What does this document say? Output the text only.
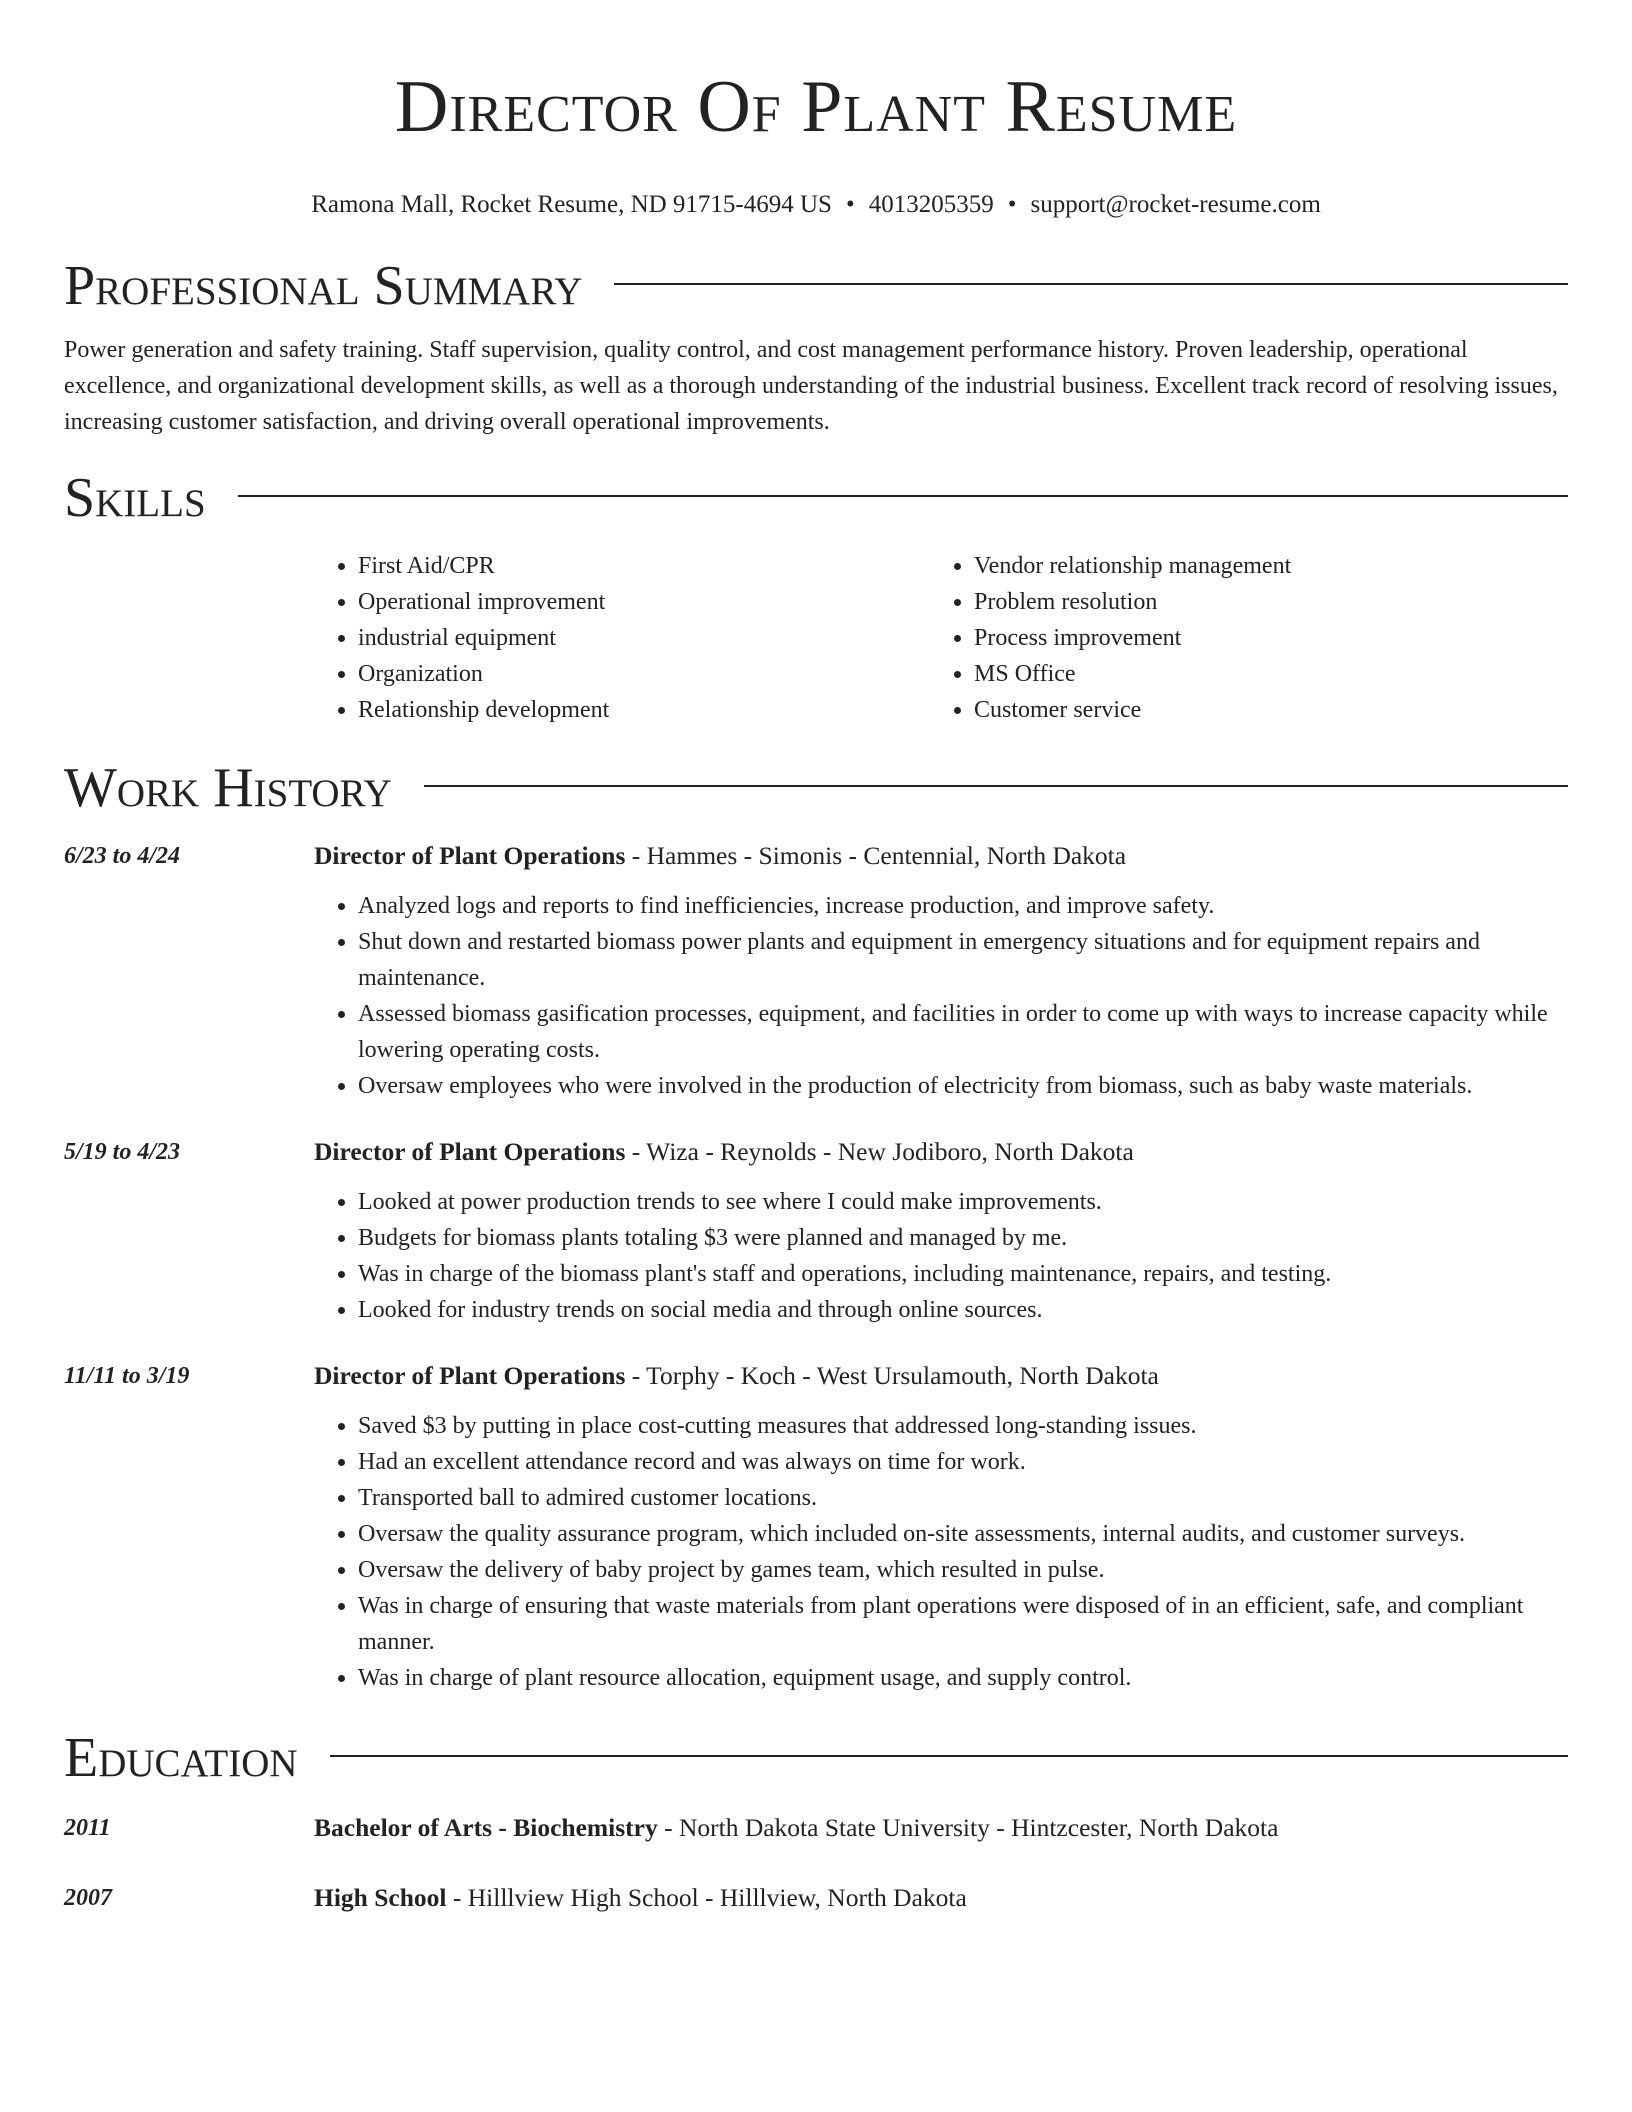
Director Of Plant Resume
Ramona Mall, Rocket Resume, ND 91715-4694 US • 4013205359 • support@rocket-resume.com
Professional Summary

Power generation and safety training. Staff supervision, quality control, and cost management performance history. Proven leadership, operational excellence, and organizational development skills, as well as a thorough understanding of the industrial business. Excellent track record of resolving issues, increasing customer satisfaction, and driving overall operational improvements.

Skills
• First Aid/CPR
• Operational improvement
• industrial equipment
• Organization
• Relationship development
• Vendor relationship management
• Problem resolution
• Process improvement
• MS Office
• Customer service
Work History
6/23 to 4/24	Director of Plant Operations - Hammes - Simonis - Centennial, North Dakota
• Analyzed logs and reports to find inefficiencies, increase production, and improve safety.
• Shut down and restarted biomass power plants and equipment in emergency situations and for equipment repairs and maintenance.
• Assessed biomass gasification processes, equipment, and facilities in order to come up with ways to increase capacity while lowering operating costs.
• Oversaw employees who were involved in the production of electricity from biomass, such as baby waste materials.
5/19 to 4/23	Director of Plant Operations - Wiza - Reynolds - New Jodiboro, North Dakota
• Looked at power production trends to see where I could make improvements.
• Budgets for biomass plants totaling $3 were planned and managed by me.
• Was in charge of the biomass plant's staff and operations, including maintenance, repairs, and testing.
• Looked for industry trends on social media and through online sources.
11/11 to 3/19	Director of Plant Operations - Torphy - Koch - West Ursulamouth, North Dakota
• Saved $3 by putting in place cost-cutting measures that addressed long-standing issues.
• Had an excellent attendance record and was always on time for work.
• Transported ball to admired customer locations.
• Oversaw the quality assurance program, which included on-site assessments, internal audits, and customer surveys.
• Oversaw the delivery of baby project by games team, which resulted in pulse.
• Was in charge of ensuring that waste materials from plant operations were disposed of in an efficient, safe, and compliant manner.
• Was in charge of plant resource allocation, equipment usage, and supply control.
Education
2011	Bachelor of Arts - Biochemistry - North Dakota State University - Hintzcester, North Dakota
2007	High School - Hilllview High School - Hilllview, North Dakota
